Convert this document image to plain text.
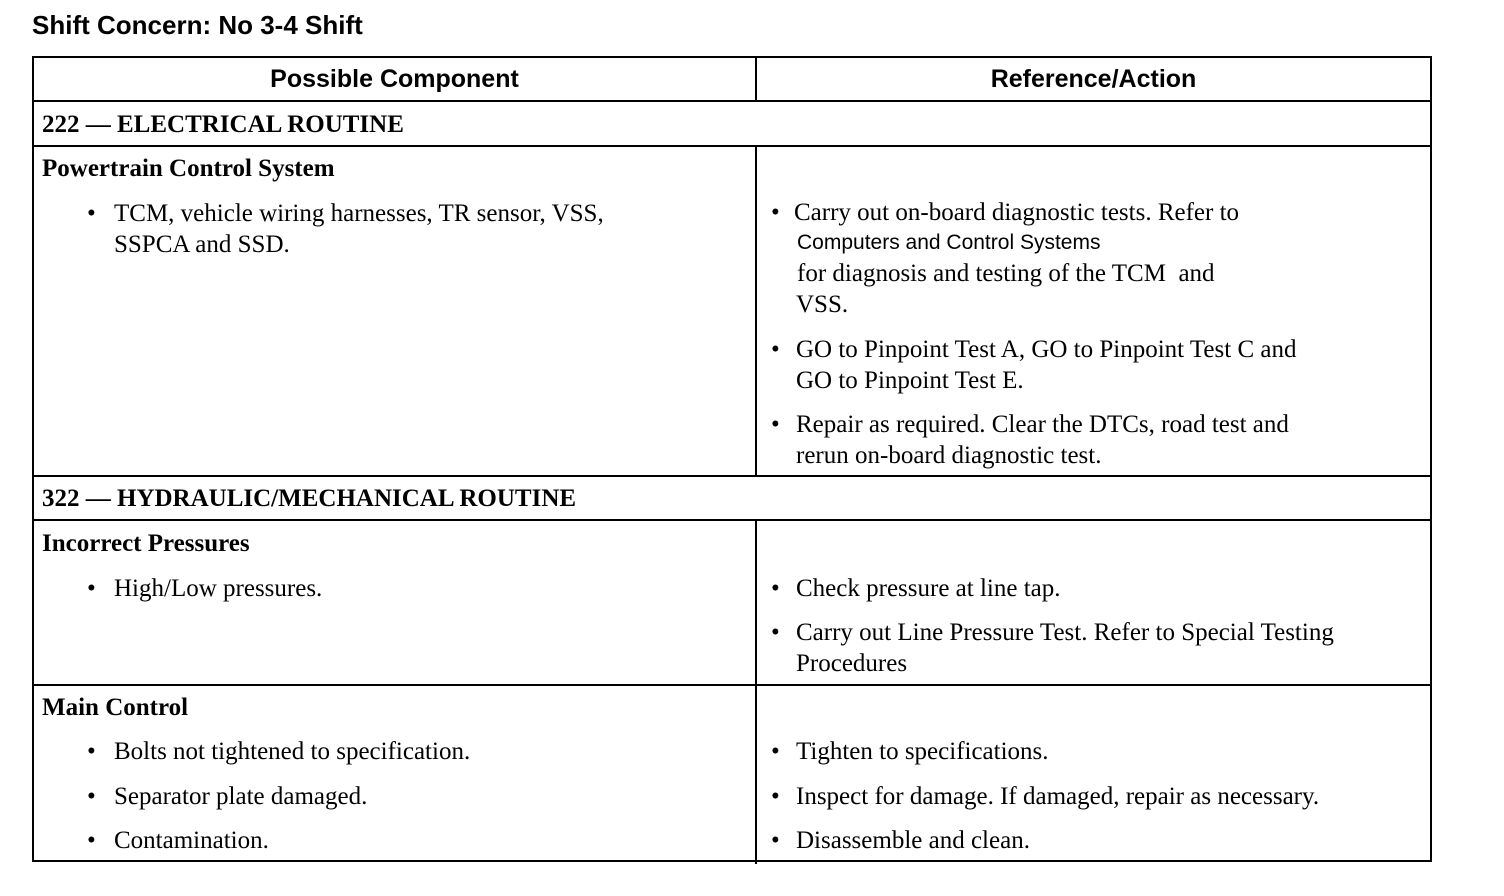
Shift Concern: No 3-4 Shift
Possible Component	Reference/Action
222 — ELECTRICAL ROUTINE
Powertrain Control System
• TCM, vehicle wiring harnesses, TR sensor, VSS,
SSPCA and SSD.
• Carry out on-board diagnostic tests. Refer to
Computers and Control Systems
for diagnosis and testing of the TCM and
VSS.
• GO to Pinpoint Test A, GO to Pinpoint Test C and
GO to Pinpoint Test E.
• Repair as required. Clear the DTCs, road test and
rerun on-board diagnostic test.
322 — HYDRAULIC/MECHANICAL ROUTINE
Incorrect Pressures
• High/Low pressures.	• Check pressure at line tap.
• Carry out Line Pressure Test. Refer to Special Testing
Procedures
Main Control
• Bolts not tightened to specification.
• Separator plate damaged.
• Contamination.
• Tighten to specifications.
• Inspect for damage. If damaged, repair as necessary.
• Disassemble and clean.
